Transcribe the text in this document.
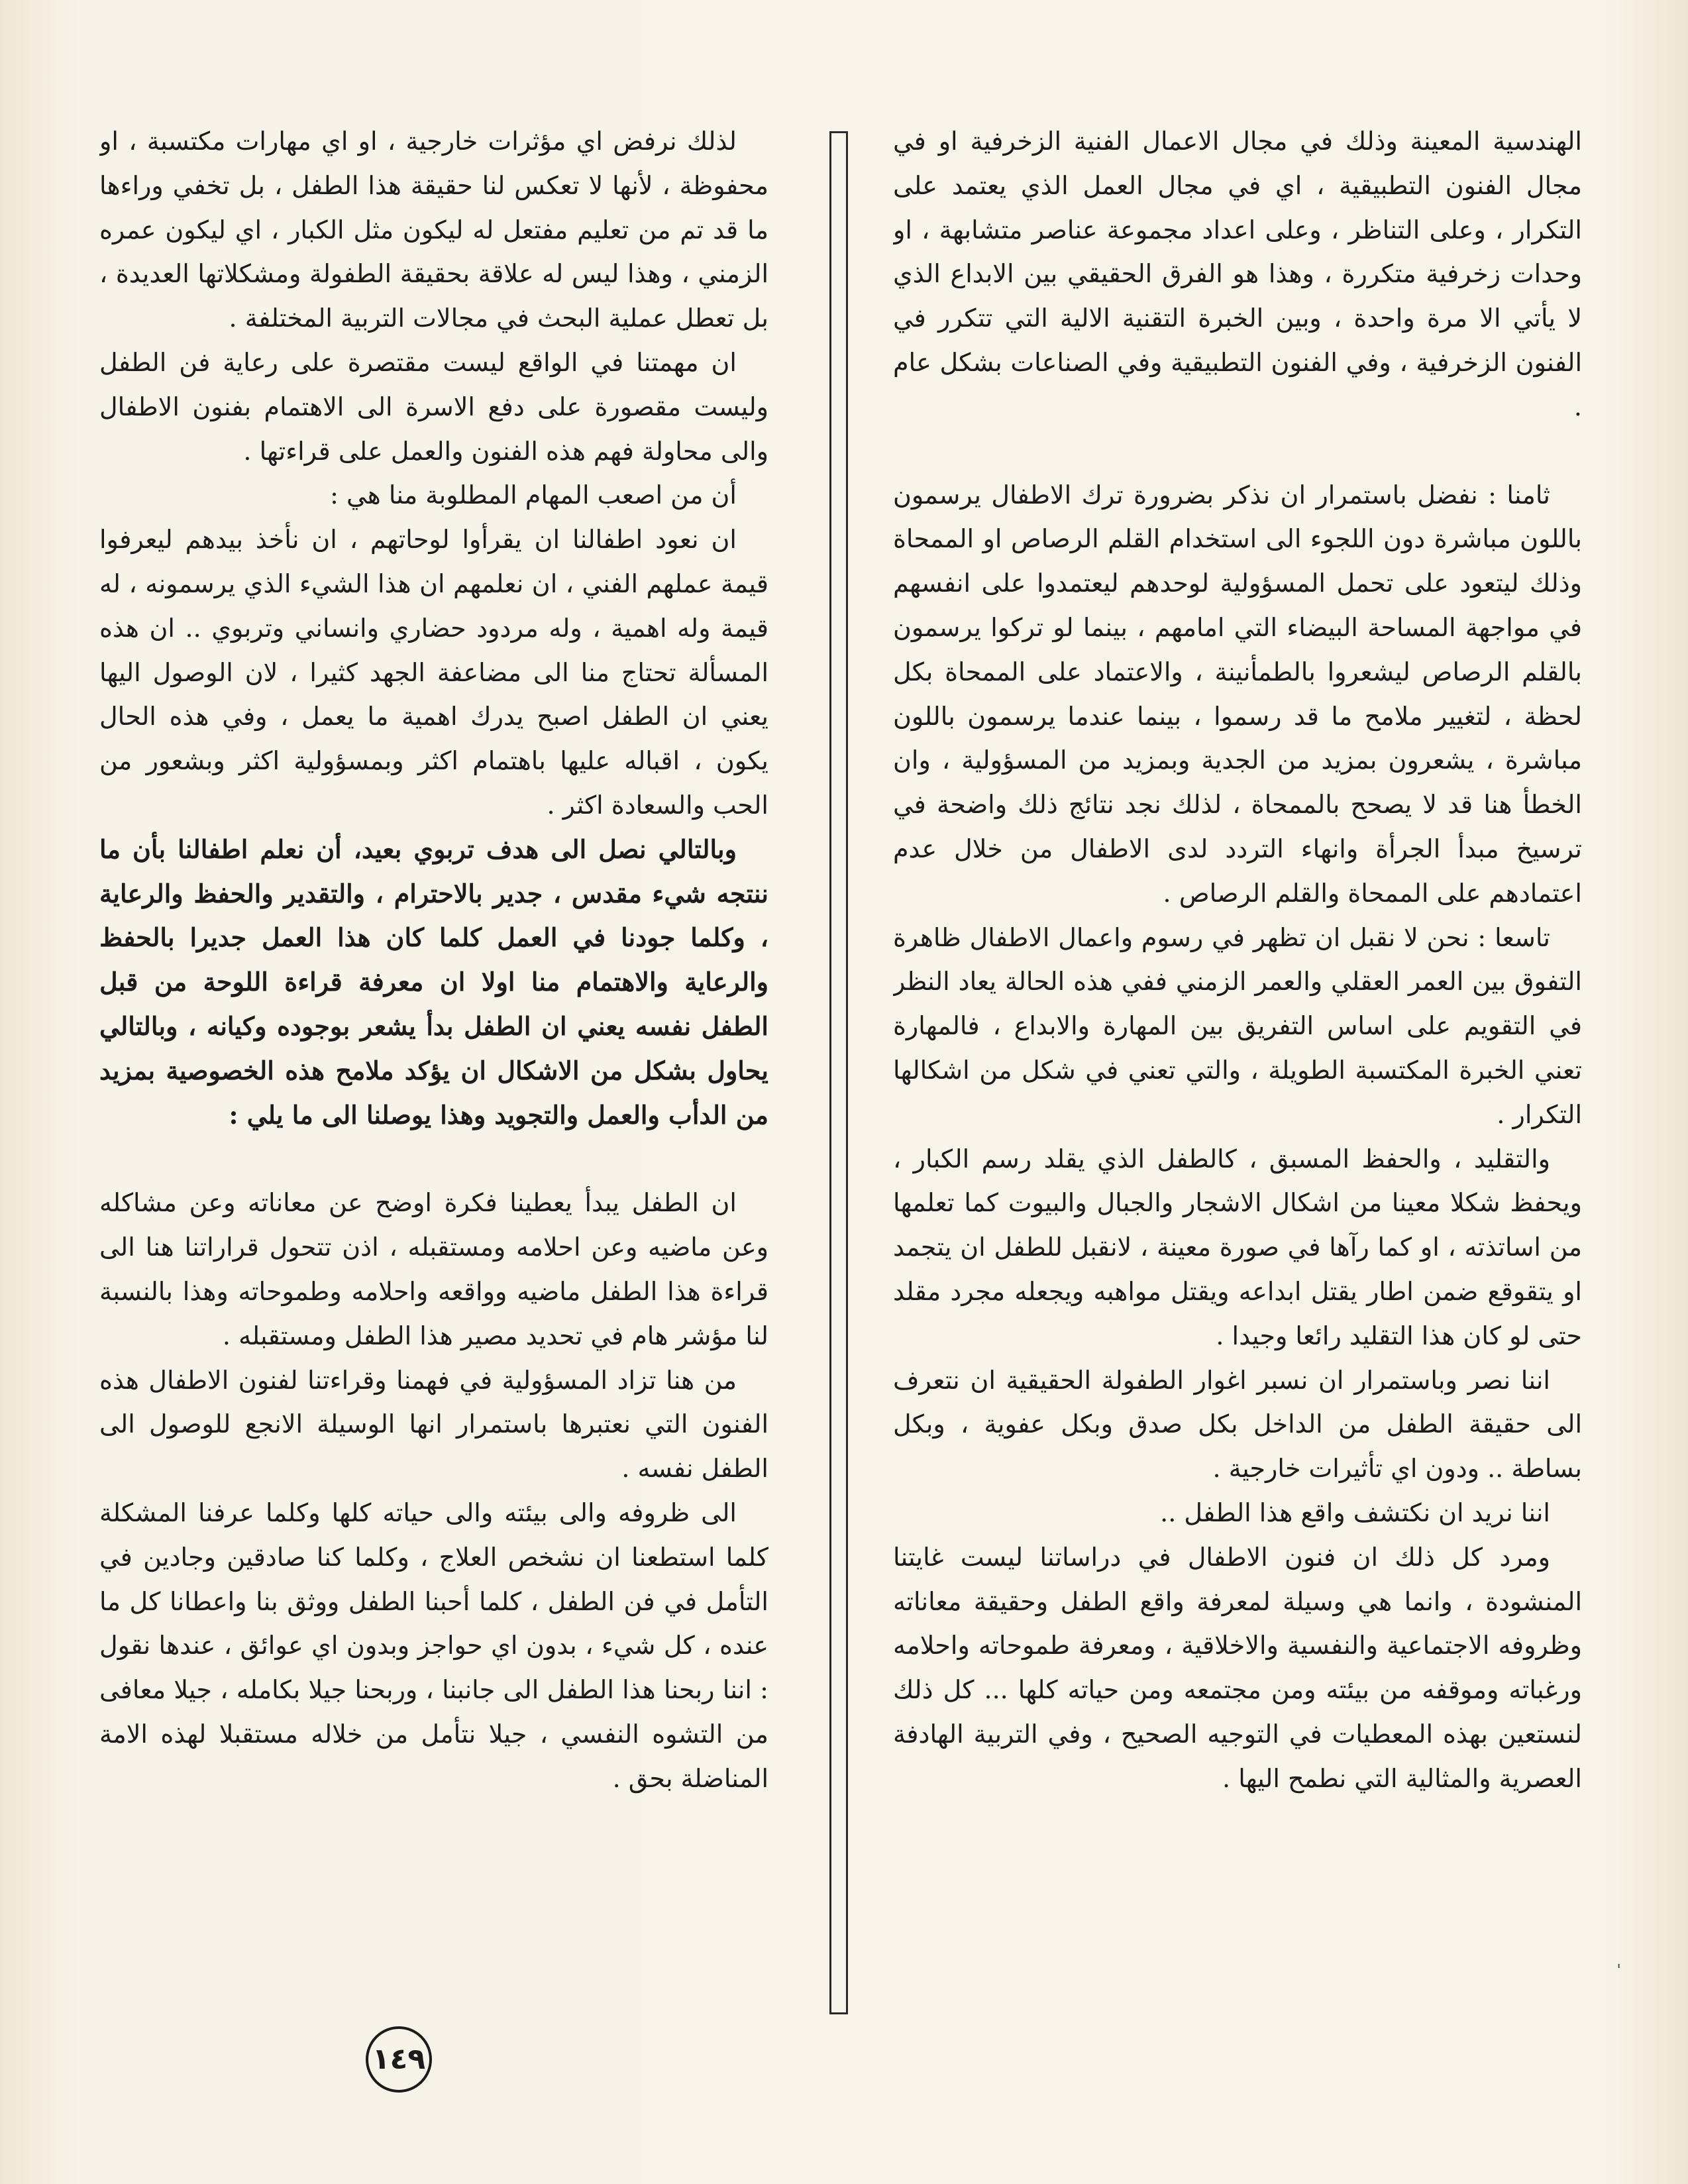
الهندسية المعينة وذلك في مجال الاعمال الفنية الزخرفية او في مجال الفنون التطبيقية ، اي في مجال العمل الذي يعتمد على التكرار ، وعلى التناظر ، وعلى اعداد مجموعة عناصر متشابهة ، او وحدات زخرفية متكررة ، وهذا هو الفرق الحقيقي بين الابداع الذي لا يأتي الا مرة واحدة ، وبين الخبرة التقنية الالية التي تتكرر في الفنون الزخرفية ، وفي الفنون التطبيقية وفي الصناعات بشكل عام .

ثامنا : نفضل باستمرار ان نذكر بضرورة ترك الاطفال يرسمون باللون مباشرة دون اللجوء الى استخدام القلم الرصاص او الممحاة وذلك ليتعود على تحمل المسؤولية لوحدهم ليعتمدوا على انفسهم في مواجهة المساحة البيضاء التي امامهم ، بينما لو تركوا يرسمون بالقلم الرصاص ليشعروا بالطمأنينة ، والاعتماد على الممحاة بكل لحظة ، لتغيير ملامح ما قد رسموا ، بينما عندما يرسمون باللون مباشرة ، يشعرون بمزيد من الجدية وبمزيد من المسؤولية ، وان الخطأ هنا قد لا يصحح بالممحاة ، لذلك نجد نتائج ذلك واضحة في ترسيخ مبدأ الجرأة وانهاء التردد لدى الاطفال من خلال عدم اعتمادهم على الممحاة والقلم الرصاص .

تاسعا : نحن لا نقبل ان تظهر في رسوم واعمال الاطفال ظاهرة التفوق بين العمر العقلي والعمر الزمني ففي هذه الحالة يعاد النظر في التقويم على اساس التفريق بين المهارة والابداع ، فالمهارة تعني الخبرة المكتسبة الطويلة ، والتي تعني في شكل من اشكالها التكرار .

والتقليد ، والحفظ المسبق ، كالطفل الذي يقلد رسم الكبار ، ويحفظ شكلا معينا من اشكال الاشجار والجبال والبيوت كما تعلمها من اساتذته ، او كما رآها في صورة معينة ، لانقبل للطفل ان يتجمد او يتقوقع ضمن اطار يقتل ابداعه ويقتل مواهبه ويجعله مجرد مقلد حتى لو كان هذا التقليد رائعا وجيدا .

اننا نصر وباستمرار ان نسبر اغوار الطفولة الحقيقية ان نتعرف الى حقيقة الطفل من الداخل بكل صدق وبكل عفوية ، وبكل بساطة .. ودون اي تأثيرات خارجية .

اننا نريد ان نكتشف واقع هذا الطفل ..

ومرد كل ذلك ان فنون الاطفال في دراساتنا ليست غايتنا المنشودة ، وانما هي وسيلة لمعرفة واقع الطفل وحقيقة معاناته وظروفه الاجتماعية والنفسية والاخلاقية ، ومعرفة طموحاته واحلامه ورغباته وموقفه من بيئته ومن مجتمعه ومن حياته كلها ... كل ذلك لنستعين بهذه المعطيات في التوجيه الصحيح ، وفي التربية الهادفة العصرية والمثالية التي نطمح اليها .

لذلك نرفض اي مؤثرات خارجية ، او اي مهارات مكتسبة ، او محفوظة ، لأنها لا تعكس لنا حقيقة هذا الطفل ، بل تخفي وراءها ما قد تم من تعليم مفتعل له ليكون مثل الكبار ، اي ليكون عمره الزمني ، وهذا ليس له علاقة بحقيقة الطفولة ومشكلاتها العديدة ، بل تعطل عملية البحث في مجالات التربية المختلفة .

ان مهمتنا في الواقع ليست مقتصرة على رعاية فن الطفل وليست مقصورة على دفع الاسرة الى الاهتمام بفنون الاطفال والى محاولة فهم هذه الفنون والعمل على قراءتها .

أن من اصعب المهام المطلوبة منا هي :

ان نعود اطفالنا ان يقرأوا لوحاتهم ، ان نأخذ بيدهم ليعرفوا قيمة عملهم الفني ، ان نعلمهم ان هذا الشيء الذي يرسمونه ، له قيمة وله اهمية ، وله مردود حضاري وانساني وتربوي .. ان هذه المسألة تحتاج منا الى مضاعفة الجهد كثيرا ، لان الوصول اليها يعني ان الطفل اصبح يدرك اهمية ما يعمل ، وفي هذه الحال يكون ، اقباله عليها باهتمام اكثر وبمسؤولية اكثر وبشعور من الحب والسعادة اكثر .

وبالتالي نصل الى هدف تربوي بعيد، أن نعلم اطفالنا بأن ما ننتجه شيء مقدس ، جدير بالاحترام ، والتقدير والحفظ والرعاية ، وكلما جودنا في العمل كلما كان هذا العمل جديرا بالحفظ والرعاية والاهتمام منا اولا ان معرفة قراءة اللوحة من قبل الطفل نفسه يعني ان الطفل بدأ يشعر بوجوده وكيانه ، وبالتالي يحاول بشكل من الاشكال ان يؤكد ملامح هذه الخصوصية بمزيد من الدأب والعمل والتجويد وهذا يوصلنا الى ما يلي :

ان الطفل يبدأ يعطينا فكرة اوضح عن معاناته وعن مشاكله وعن ماضيه وعن احلامه ومستقبله ، اذن تتحول قراراتنا هنا الى قراءة هذا الطفل ماضيه وواقعه واحلامه وطموحاته وهذا بالنسبة لنا مؤشر هام في تحديد مصير هذا الطفل ومستقبله .

من هنا تزاد المسؤولية في فهمنا وقراءتنا لفنون الاطفال هذه الفنون التي نعتبرها باستمرار انها الوسيلة الانجع للوصول الى الطفل نفسه .

الى ظروفه والى بيئته والى حياته كلها وكلما عرفنا المشكلة كلما استطعنا ان نشخص العلاج ، وكلما كنا صادقين وجادين في التأمل في فن الطفل ، كلما أحبنا الطفل ووثق بنا واعطانا كل ما عنده ، كل شيء ، بدون اي حواجز وبدون اي عوائق ، عندها نقول : اننا ربحنا هذا الطفل الى جانبنا ، وربحنا جيلا بكامله ، جيلا معافى من التشوه النفسي ، جيلا نتأمل من خلاله مستقبلا لهذه الامة المناضلة بحق .

١٤٩
ˌ
